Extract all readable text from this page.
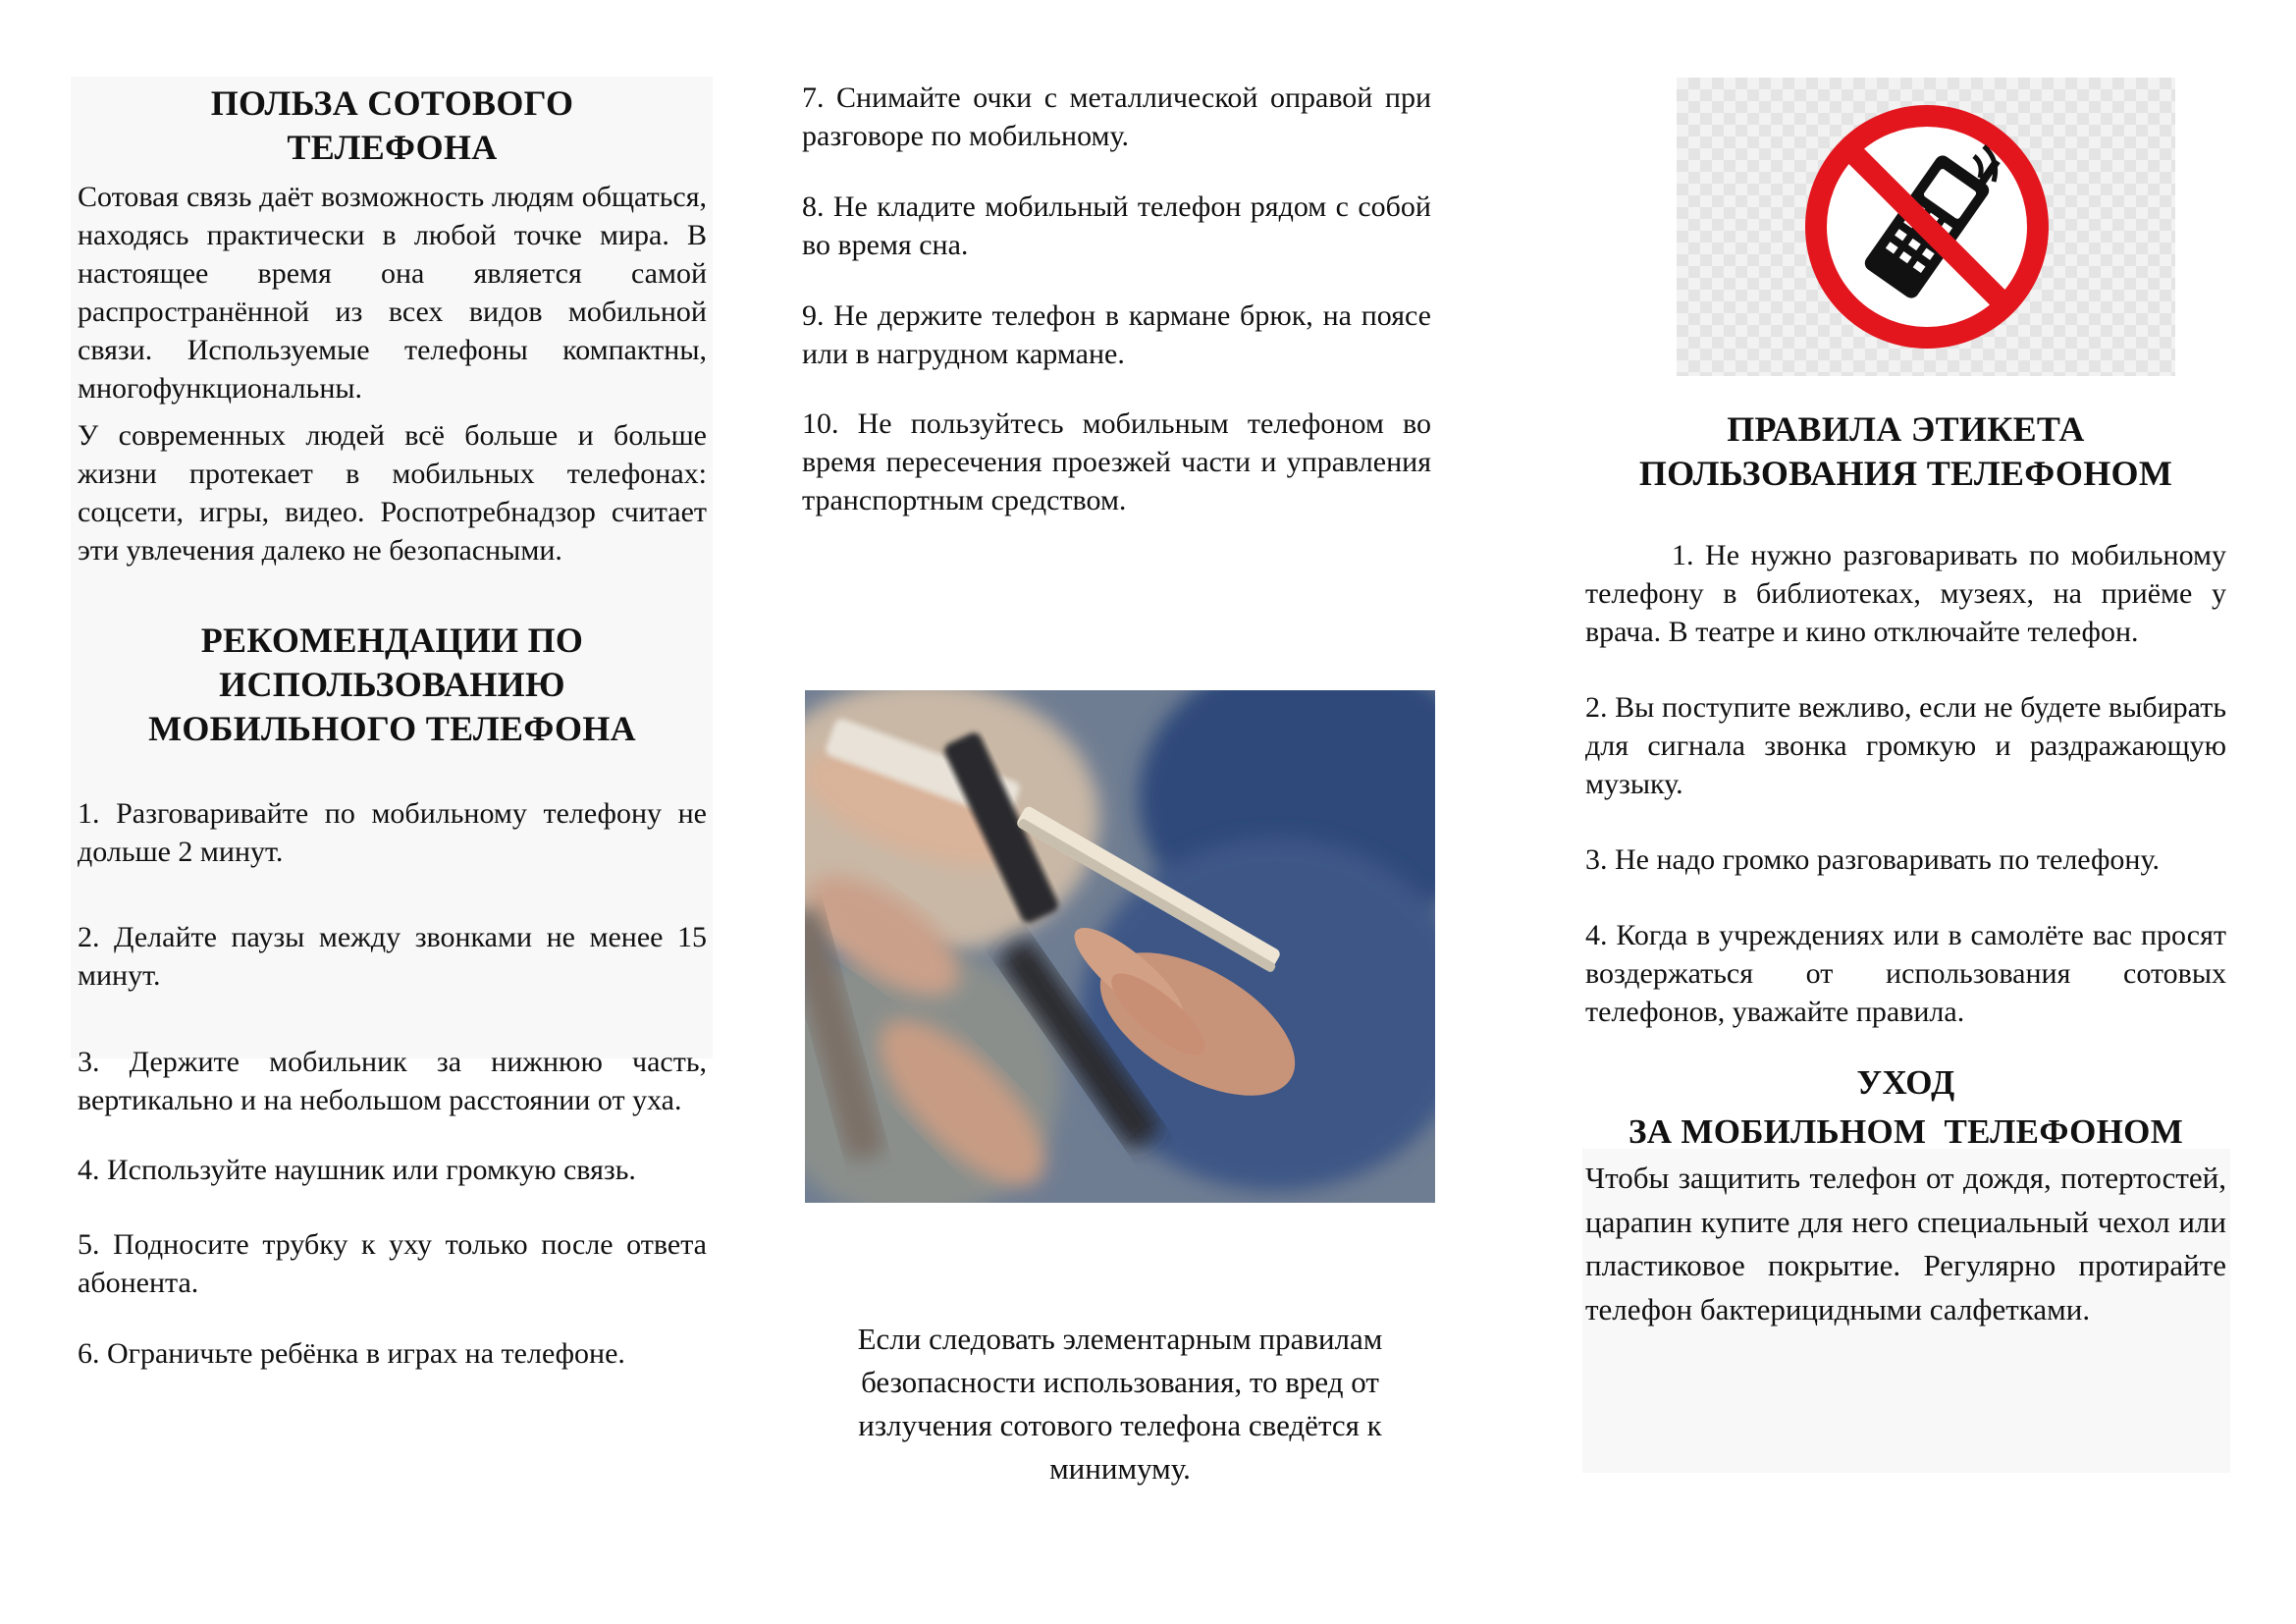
ПОЛЬЗА СОТОВОГО
ТЕЛЕФОНА

Сотовая связь даёт возможность людям общаться, находясь практически в любой точке мира. В настоящее время она является самой распространённой из всех видов мобильной связи. Используемые телефоны компактны, многофункциональны.

У современных людей всё больше и больше жизни протекает в мобильных телефонах: соцсети, игры, видео. Роспотребнадзор считает эти увлечения далеко не безопасными.

РЕКОМЕНДАЦИИ ПО
ИСПОЛЬЗОВАНИЮ
МОБИЛЬНОГО ТЕЛЕФОНА

1. Разговаривайте по мобильному телефону не дольше 2 минут.

2. Делайте паузы между звонками не менее 15 минут.

3. Держите мобильник за нижнюю часть, вертикально и на небольшом расстоянии от уха.

4. Используйте наушник или громкую связь.

5. Подносите трубку к уху только после ответа абонента.

6. Ограничьте ребёнка в играх на телефоне.

7. Снимайте очки с металлической оправой при разговоре по мобильному.

8. Не кладите мобильный телефон рядом с собой во время сна.

9. Не держите телефон в кармане брюк, на поясе или в нагрудном кармане.

10. Не пользуйтесь мобильным телефоном во время пересечения проезжей части и управления транспортным средством.

Если следовать элементарным правилам безопасности использования, то вред от излучения сотового телефона сведётся к минимуму.

ПРАВИЛА ЭТИКЕТА
ПОЛЬЗОВАНИЯ ТЕЛЕФОНОМ

1. Не нужно разговаривать по мобильному телефону в библиотеках, музеях, на приёме у врача. В театре и кино отключайте телефон.

2. Вы поступите вежливо, если не будете выбирать для сигнала звонка громкую и раздражающую музыку.

3. Не надо громко разговаривать по телефону.

4. Когда в учреждениях или в самолёте вас просят воздержаться от использования сотовых телефонов, уважайте правила.

УХОД
ЗА МОБИЛЬНОМ  ТЕЛЕФОНОМ

Чтобы защитить телефон от дождя, потертостей, царапин купите для него специальный чехол или пластиковое покрытие. Регулярно протирайте телефон бактерицидными салфетками.
